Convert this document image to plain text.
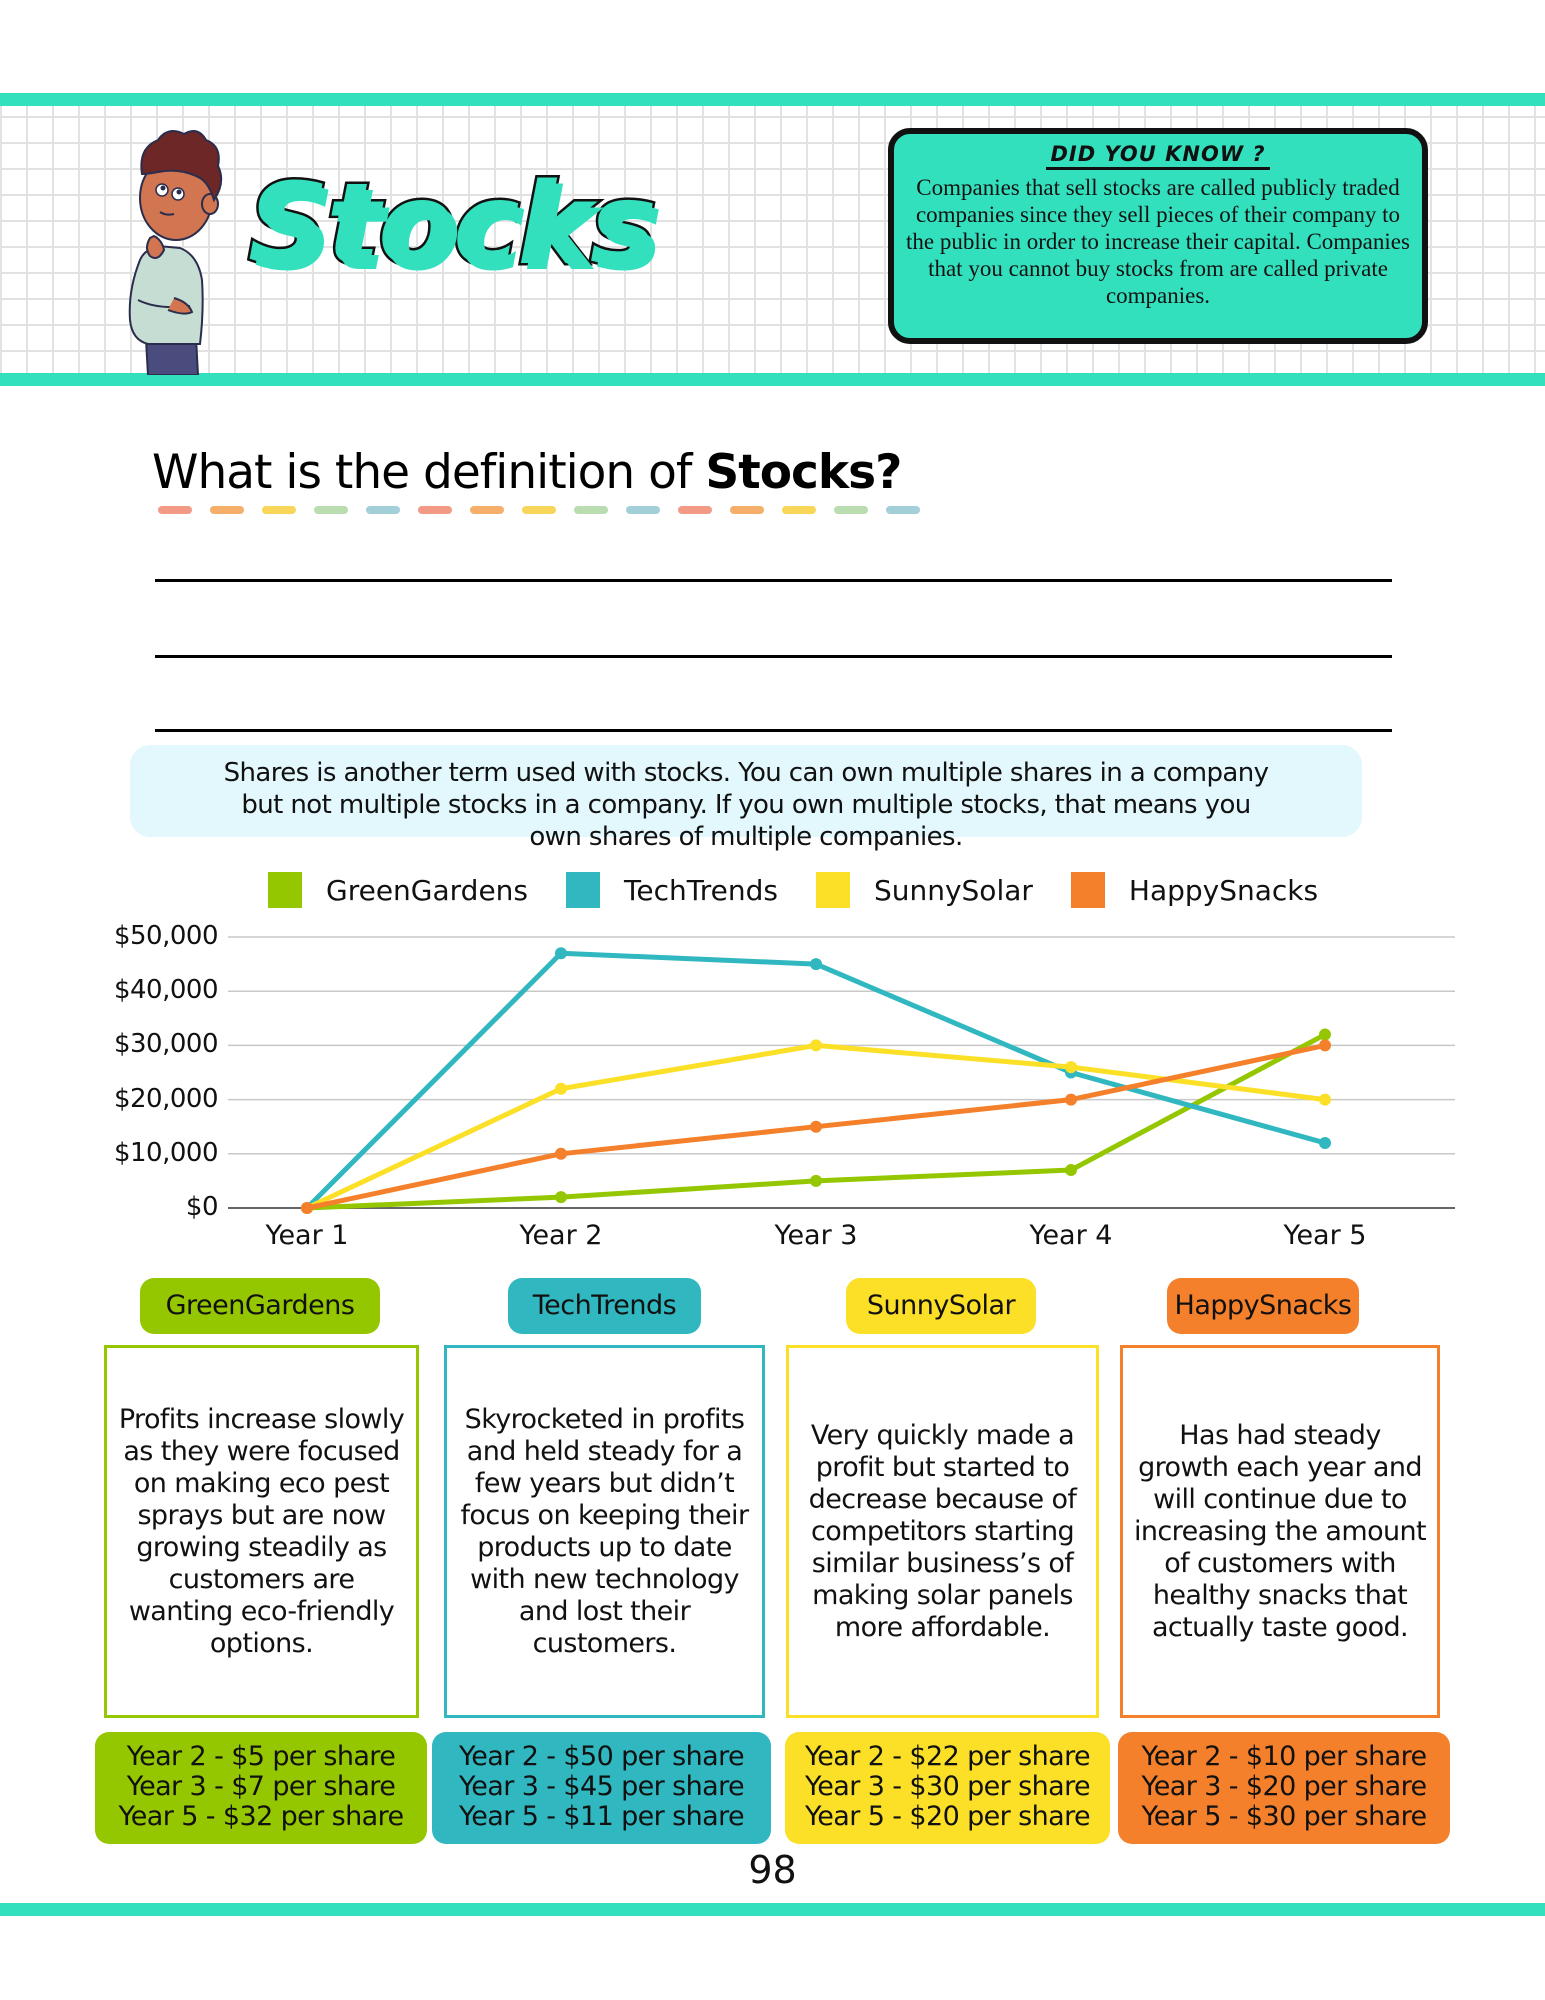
Stocks
DID YOU KNOW ?
Companies that sell stocks are called publicly traded companies since they sell pieces of their company to the public in order to increase their capital. Companies that you cannot buy stocks from are called private companies.
What is the definition of Stocks?
Shares is another term used with stocks. You can own multiple shares in a company
but not multiple stocks in a company. If you own multiple stocks, that means you
own shares of multiple companies.
GreenGardens	TechTrends	SunnySolar	HappySnacks
$0
$10,000
$20,000
$30,000
$40,000
$50,000
Year 1	Year 2	Year 3	Year 4	Year 5
GreenGardens
Profits increase slowly as they were focused on making eco pest sprays but are now growing steadily as customers are wanting eco-friendly options.
Year 2 - $5 per share
Year 3 - $7 per share
Year 5 - $32 per share
TechTrends
Skyrocketed in profits and held steady for a few years but didn’t focus on keeping their products up to date with new technology and lost their customers.
Year 2 - $50 per share
Year 3 - $45 per share
Year 5 - $11 per share
SunnySolar
Very quickly made a profit but started to decrease because of competitors starting similar business’s of making solar panels more affordable.
Year 2 - $22 per share
Year 3 - $30 per share
Year 5 - $20 per share
HappySnacks
Has had steady growth each year and will continue due to increasing the amount of customers with healthy snacks that actually taste good.
Year 2 - $10 per share
Year 3 - $20 per share
Year 5 - $30 per share
98
